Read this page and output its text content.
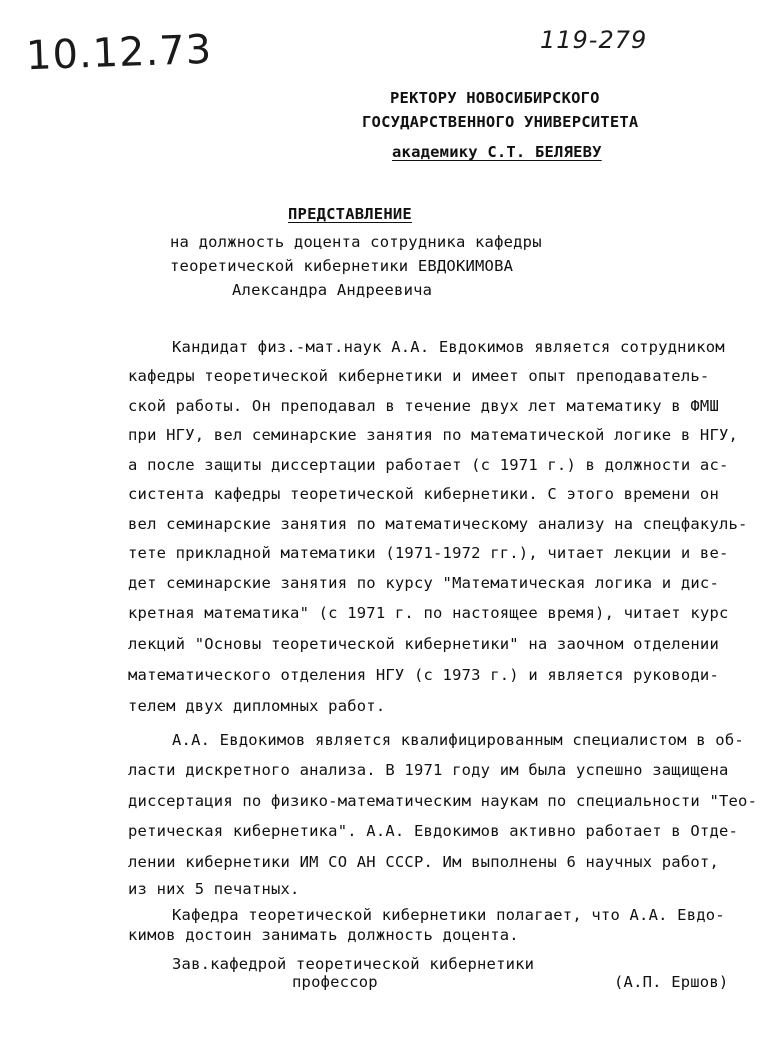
10.12.73	119-279
РЕКТОРУ НОВОСИБИРСКОГО
ГОСУДАРСТВЕННОГО УНИВЕРСИТЕТА
академику С.Т. БЕЛЯЕВУ
ПРЕДСТАВЛЕНИЕ
на должность доцента сотрудника кафедры
теоретической кибернетики ЕВДОКИМОВА
Александра Андреевича
Кандидат физ.-мат.наук А.А. Евдокимов является сотрудником
кафедры теоретической кибернетики и имеет опыт преподаватель-
ской работы. Он преподавал в течение двух лет математику в ФМШ
при НГУ, вел семинарские занятия по математической логике в НГУ,
а после защиты диссертации работает (с 1971 г.) в должности ас-
систента кафедры теоретической кибернетики. С этого времени он
вел семинарские занятия по математическому анализу на спецфакуль-
тете прикладной математики (1971-1972 гг.), читает лекции и ве-
дет семинарские занятия по курсу "Математическая логика и дис-
кретная математика" (с 1971 г. по настоящее время), читает курс
лекций "Основы теоретической кибернетики" на заочном отделении
математического отделения НГУ (с 1973 г.) и является руководи-
телем двух дипломных работ.
А.А. Евдокимов является квалифицированным специалистом в об-
ласти дискретного анализа. В 1971 году им была успешно защищена
диссертация по физико-математическим наукам по специальности "Тео-
ретическая кибернетика". А.А. Евдокимов активно работает в Отде-
лении кибернетики ИМ СО АН СССР. Им выполнены 6 научных работ,
из них 5 печатных.
Кафедра теоретической кибернетики полагает, что А.А. Евдо-
кимов достоин занимать должность доцента.
Зав.кафедрой теоретической кибернетики
профессор	(А.П. Ершов)
